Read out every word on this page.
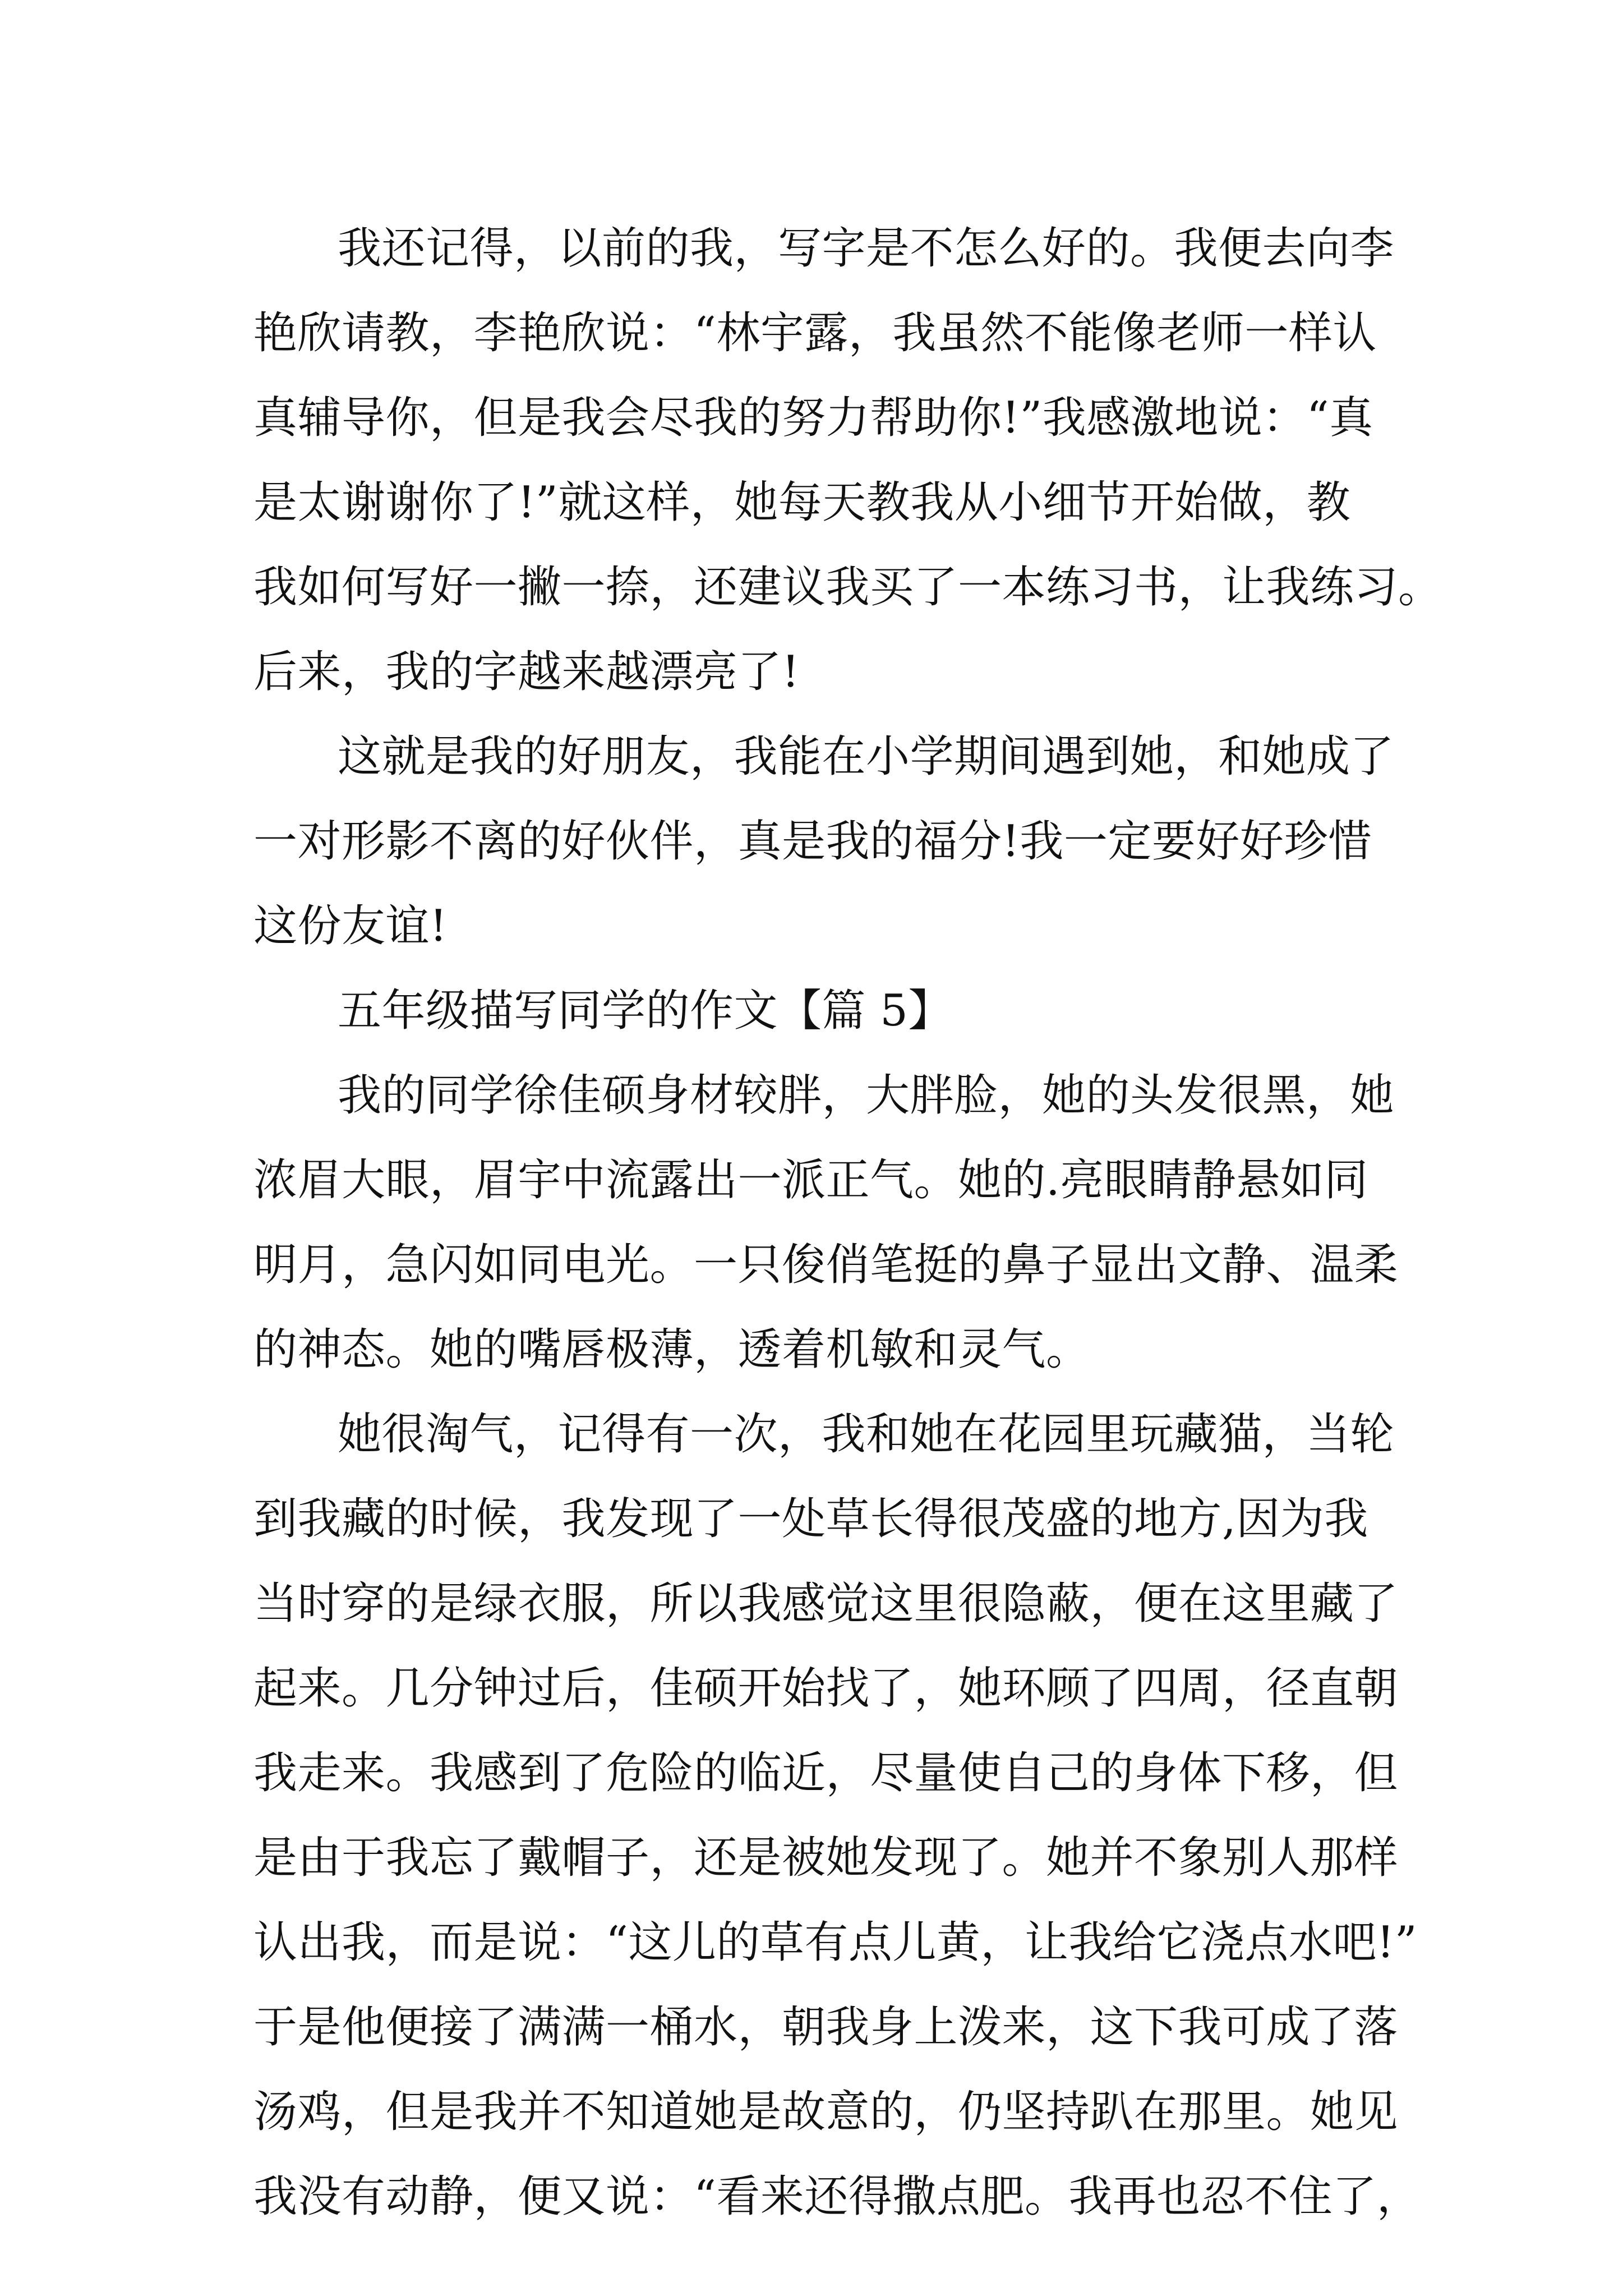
我还记得，以前的我，写字是不怎么好的。我便去向李
艳欣请教，李艳欣说：“林宇露，我虽然不能像老师一样认
真辅导你，但是我会尽我的努力帮助你!”我感激地说：“真
是太谢谢你了!”就这样，她每天教我从小细节开始做，教
我如何写好一撇一捺，还建议我买了一本练习书，让我练习。
后来，我的字越来越漂亮了!
这就是我的好朋友，我能在小学期间遇到她，和她成了
一对形影不离的好伙伴，真是我的福分!我一定要好好珍惜
这份友谊!
五年级描写同学的作文【篇 5】
我的同学徐佳硕身材较胖，大胖脸，她的头发很黑，她
浓眉大眼，眉宇中流露出一派正气。她的.亮眼睛静悬如同
明月，急闪如同电光。一只俊俏笔挺的鼻子显出文静、温柔
的神态。她的嘴唇极薄，透着机敏和灵气。
她很淘气，记得有一次，我和她在花园里玩藏猫，当轮
到我藏的时候，我发现了一处草长得很茂盛的地方,因为我
当时穿的是绿衣服，所以我感觉这里很隐蔽，便在这里藏了
起来。几分钟过后，佳硕开始找了，她环顾了四周，径直朝
我走来。我感到了危险的临近，尽量使自己的身体下移，但
是由于我忘了戴帽子，还是被她发现了。她并不象别人那样
认出我，而是说：“这儿的草有点儿黄，让我给它浇点水吧!”
于是他便接了满满一桶水，朝我身上泼来，这下我可成了落
汤鸡，但是我并不知道她是故意的，仍坚持趴在那里。她见
我没有动静，便又说：“看来还得撒点肥。我再也忍不住了，
